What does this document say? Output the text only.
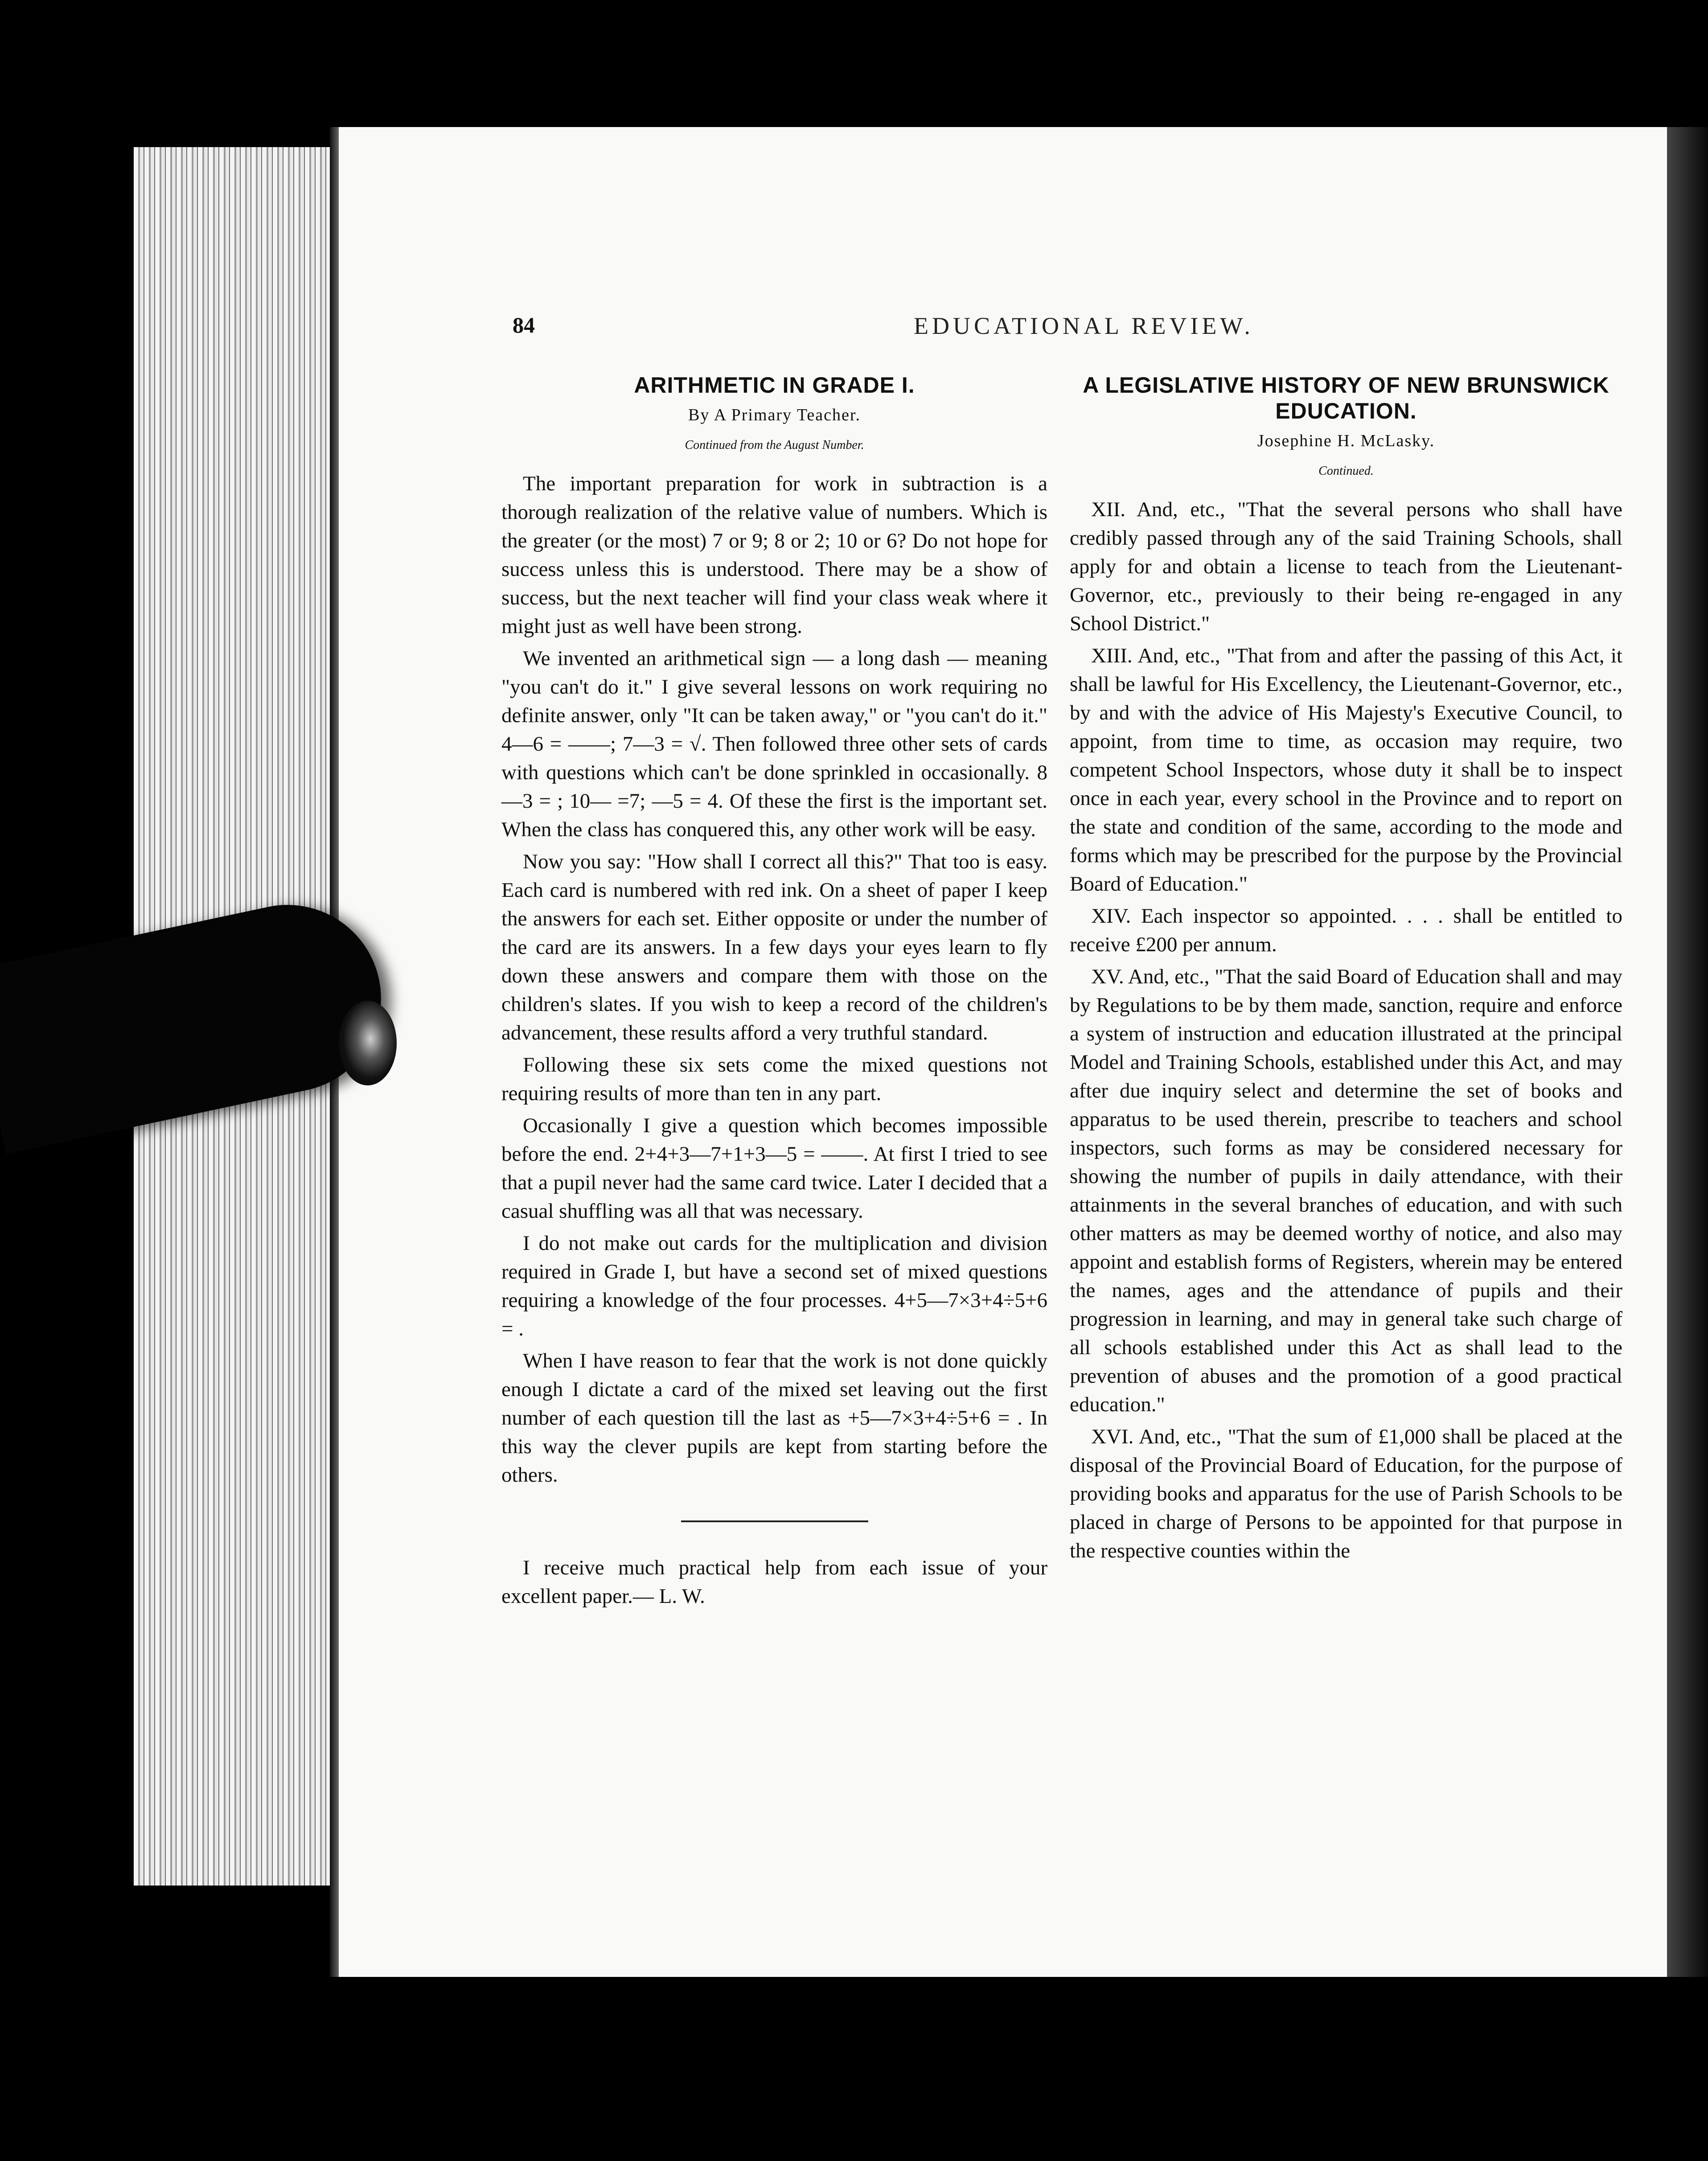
84	EDUCATIONAL REVIEW.
ARITHMETIC IN GRADE I.
By A Primary Teacher.
Continued from the August Number.

The important preparation for work in subtraction is a thorough realization of the relative value of numbers. Which is the greater (or the most) 7 or 9; 8 or 2; 10 or 6? Do not hope for success unless this is understood. There may be a show of success, but the next teacher will find your class weak where it might just as well have been strong.

We invented an arithmetical sign — a long dash — meaning "you can't do it." I give several lessons on work requiring no definite answer, only "It can be taken away," or "you can't do it." 4—6 = ——; 7—3 = √. Then followed three other sets of cards with questions which can't be done sprinkled in occasionally. 8—3 = ; 10— =7; —5 = 4. Of these the first is the important set. When the class has conquered this, any other work will be easy.

Now you say: "How shall I correct all this?" That too is easy. Each card is numbered with red ink. On a sheet of paper I keep the answers for each set. Either opposite or under the number of the card are its answers. In a few days your eyes learn to fly down these answers and compare them with those on the children's slates. If you wish to keep a record of the children's advancement, these results afford a very truthful standard.

Following these six sets come the mixed questions not requiring results of more than ten in any part.

Occasionally I give a question which becomes impossible before the end. 2+4+3—7+1+3—5 = ——. At first I tried to see that a pupil never had the same card twice. Later I decided that a casual shuffling was all that was necessary.

I do not make out cards for the multiplication and division required in Grade I, but have a second set of mixed questions requiring a knowledge of the four processes. 4+5—7×3+4÷5+6 = .

When I have reason to fear that the work is not done quickly enough I dictate a card of the mixed set leaving out the first number of each question till the last as +5—7×3+4÷5+6 = . In this way the clever pupils are kept from starting before the others.

I receive much practical help from each issue of your excellent paper.— L. W.

A LEGISLATIVE HISTORY OF NEW BRUNSWICK EDUCATION.
Josephine H. McLasky.
Continued.

XII. And, etc., "That the several persons who shall have credibly passed through any of the said Training Schools, shall apply for and obtain a license to teach from the Lieutenant-Governor, etc., previously to their being re-engaged in any School District."

XIII. And, etc., "That from and after the passing of this Act, it shall be lawful for His Excellency, the Lieutenant-Governor, etc., by and with the advice of His Majesty's Executive Council, to appoint, from time to time, as occasion may require, two competent School Inspectors, whose duty it shall be to inspect once in each year, every school in the Province and to report on the state and condition of the same, according to the mode and forms which may be prescribed for the purpose by the Provincial Board of Education."

XIV. Each inspector so appointed. . . . shall be entitled to receive £200 per annum.

XV. And, etc., "That the said Board of Education shall and may by Regulations to be by them made, sanction, require and enforce a system of instruction and education illustrated at the principal Model and Training Schools, established under this Act, and may after due inquiry select and determine the set of books and apparatus to be used therein, prescribe to teachers and school inspectors, such forms as may be considered necessary for showing the number of pupils in daily attendance, with their attainments in the several branches of education, and with such other matters as may be deemed worthy of notice, and also may appoint and establish forms of Registers, wherein may be entered the names, ages and the attendance of pupils and their progression in learning, and may in general take such charge of all schools established under this Act as shall lead to the prevention of abuses and the promotion of a good practical education."

XVI. And, etc., "That the sum of £1,000 shall be placed at the disposal of the Provincial Board of Education, for the purpose of providing books and apparatus for the use of Parish Schools to be placed in charge of Persons to be appointed for that purpose in the respective counties within the
